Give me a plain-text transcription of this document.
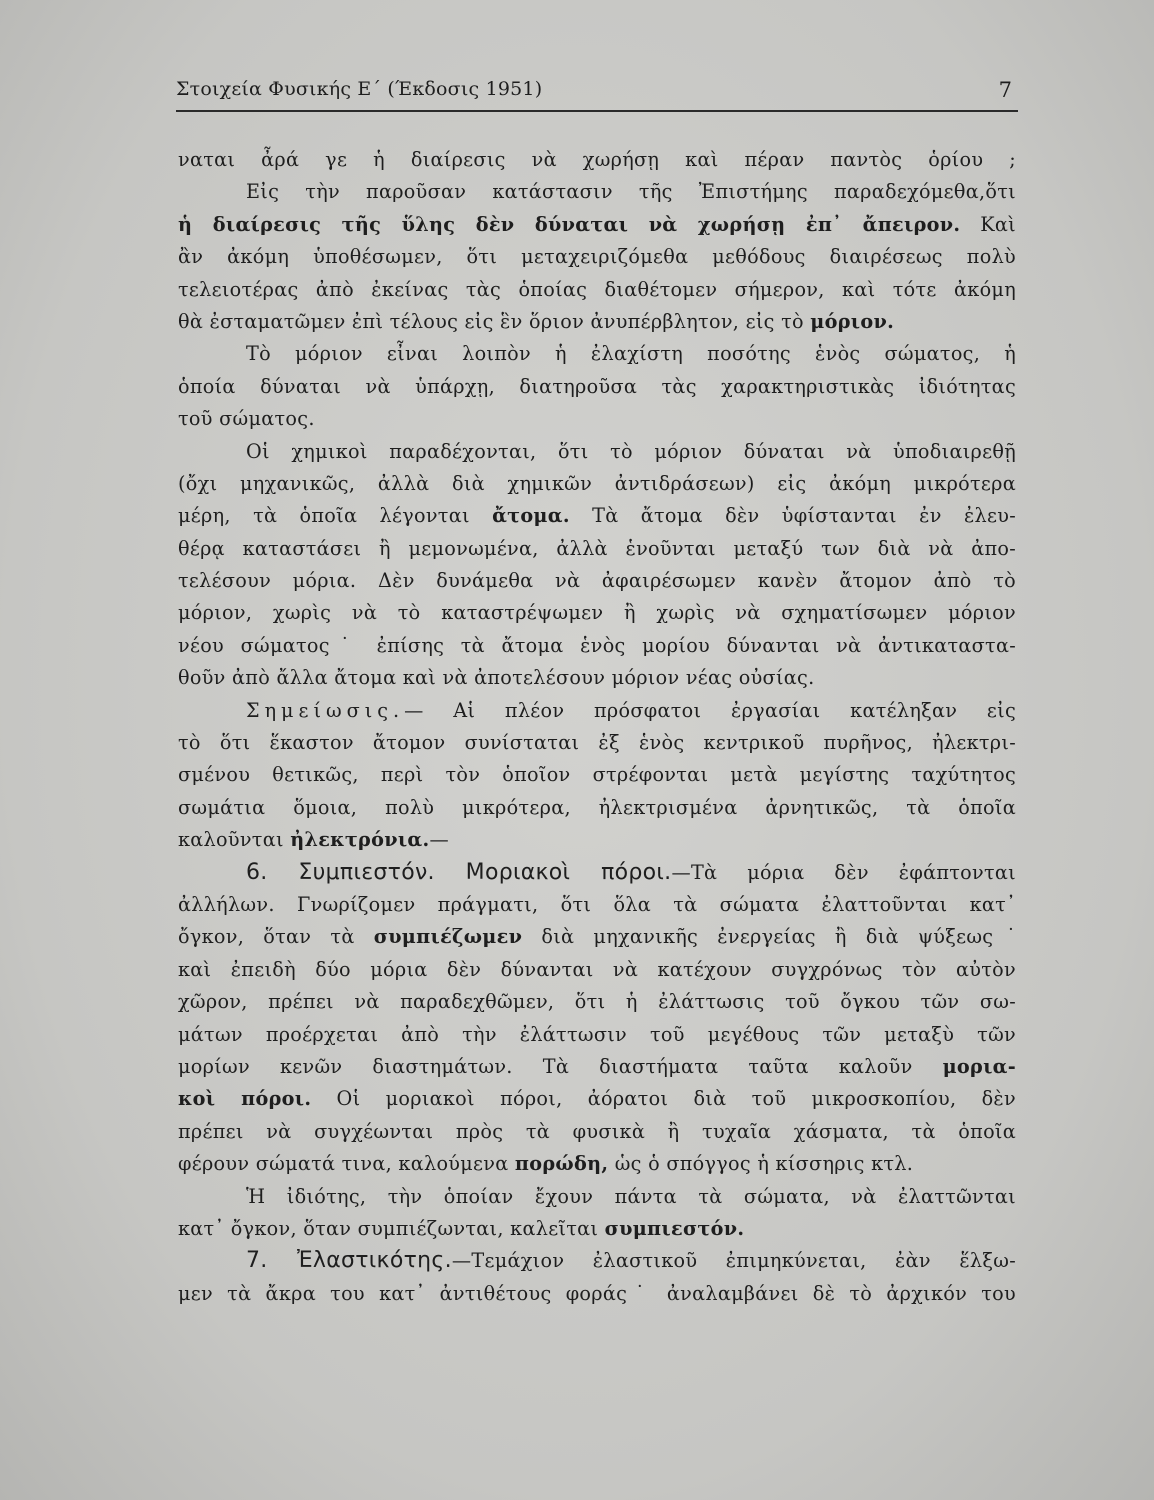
Στοιχεία Φυσικής Ε΄ (Έκδοσις 1951)	7
ναται ἆρά γε ἡ διαίρεσις νὰ χωρήσῃ καὶ πέραν παντὸς ὁρίου ;
Εἰς τὴν παροῦσαν κατάστασιν τῆς Ἐπιστήμης παραδεχόμεθα,ὅτι
ἡ διαίρεσις τῆς ὕλης δὲν δύναται νὰ χωρήσῃ ἐπ᾽ ἄπειρον. Καὶ
ἂν ἀκόμη ὑποθέσωμεν, ὅτι μεταχειριζόμεθα μεθόδους διαιρέσεως πολὺ
τελειοτέρας ἀπὸ ἐκείνας τὰς ὁποίας διαθέτομεν σήμερον, καὶ τότε ἀκόμη
θὰ ἐσταματῶμεν ἐπὶ τέλους εἰς ἓν ὅριον ἀνυπέρβλητον, εἰς τὸ μόριον.
Τὸ μόριον εἶναι λοιπὸν ἡ ἐλαχίστη ποσότης ἑνὸς σώματος, ἡ
ὁποία δύναται νὰ ὑπάρχῃ, διατηροῦσα τὰς χαρακτηριστικὰς ἰδιότητας
τοῦ σώματος.
Οἱ χημικοὶ παραδέχονται, ὅτι τὸ μόριον δύναται νὰ ὑποδιαιρεθῇ
(ὄχι μηχανικῶς, ἀλλὰ διὰ χημικῶν ἀντιδράσεων) εἰς ἀκόμη μικρότερα
μέρη, τὰ ὁποῖα λέγονται ἄτομα. Τὰ ἄτομα δὲν ὑφίστανται ἐν ἐλευ-
θέρᾳ καταστάσει ἢ μεμονωμένα, ἀλλὰ ἑνοῦνται μεταξύ των διὰ νὰ ἀπο-
τελέσουν μόρια. Δὲν δυνάμεθα νὰ ἀφαιρέσωμεν κανὲν ἄτομον ἀπὸ τὸ
μόριον, χωρὶς νὰ τὸ καταστρέψωμεν ἢ χωρὶς νὰ σχηματίσωμεν μόριον
νέου σώματος˙ ἐπίσης τὰ ἄτομα ἑνὸς μορίου δύνανται νὰ ἀντικαταστα-
θοῦν ἀπὸ ἄλλα ἄτομα καὶ νὰ ἀποτελέσουν μόριον νέας οὐσίας.
Σημείωσις.— Αἱ πλέον πρόσφατοι ἐργασίαι κατέληξαν εἰς
τὸ ὅτι ἕκαστον ἄτομον συνίσταται ἐξ ἑνὸς κεντρικοῦ πυρῆνος, ἠλεκτρι-
σμένου θετικῶς, περὶ τὸν ὁποῖον στρέφονται μετὰ μεγίστης ταχύτητος
σωμάτια ὅμοια, πολὺ μικρότερα, ἠλεκτρισμένα ἀρνητικῶς, τὰ ὁποῖα
καλοῦνται ἠλεκτρόνια.—
6. Συμπιεστόν. Μοριακοὶ πόροι.—Τὰ μόρια δὲν ἐφάπτονται
ἀλλήλων. Γνωρίζομεν πράγματι, ὅτι ὅλα τὰ σώματα ἐλαττοῦνται κατ᾽
ὄγκον, ὅταν τὰ συμπιέζωμεν διὰ μηχανικῆς ἐνεργείας ἢ διὰ ψύξεως˙
καὶ ἐπειδὴ δύο μόρια δὲν δύνανται νὰ κατέχουν συγχρόνως τὸν αὐτὸν
χῶρον, πρέπει νὰ παραδεχθῶμεν, ὅτι ἡ ἐλάττωσις τοῦ ὄγκου τῶν σω-
μάτων προέρχεται ἀπὸ τὴν ἐλάττωσιν τοῦ μεγέθους τῶν μεταξὺ τῶν
μορίων κενῶν διαστημάτων. Τὰ διαστήματα ταῦτα καλοῦν μορια-
κοὶ πόροι. Οἱ μοριακοὶ πόροι, ἀόρατοι διὰ τοῦ μικροσκοπίου, δὲν
πρέπει νὰ συγχέωνται πρὸς τὰ φυσικὰ ἢ τυχαῖα χάσματα, τὰ ὁποῖα
φέρουν σώματά τινα, καλούμενα πορώδη, ὡς ὁ σπόγγος ἡ κίσσηρις κτλ.
Ἡ ἰδιότης, τὴν ὁποίαν ἔχουν πάντα τὰ σώματα, νὰ ἐλαττῶνται
κατ᾽ ὄγκον, ὅταν συμπιέζωνται, καλεῖται συμπιεστόν.
7. Ἐλαστικότης.—Τεμάχιον ἐλαστικοῦ ἐπιμηκύνεται, ἐὰν ἕλξω-
μεν τὰ ἄκρα του κατ᾽ ἀντιθέτους φοράς˙ ἀναλαμβάνει δὲ τὸ ἀρχικόν του
